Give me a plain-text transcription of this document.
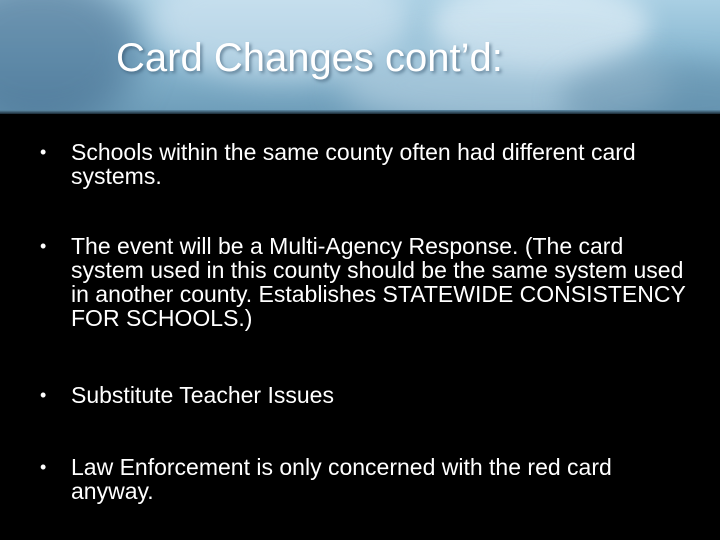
Card Changes cont’d:
• Schools within the same county often had different card systems.
• The event will be a Multi-Agency Response. (The card system used in this county should be the same system used in another county. Establishes STATEWIDE CONSISTENCY FOR SCHOOLS.)
• Substitute Teacher Issues
• Law Enforcement is only concerned with the red card anyway.
